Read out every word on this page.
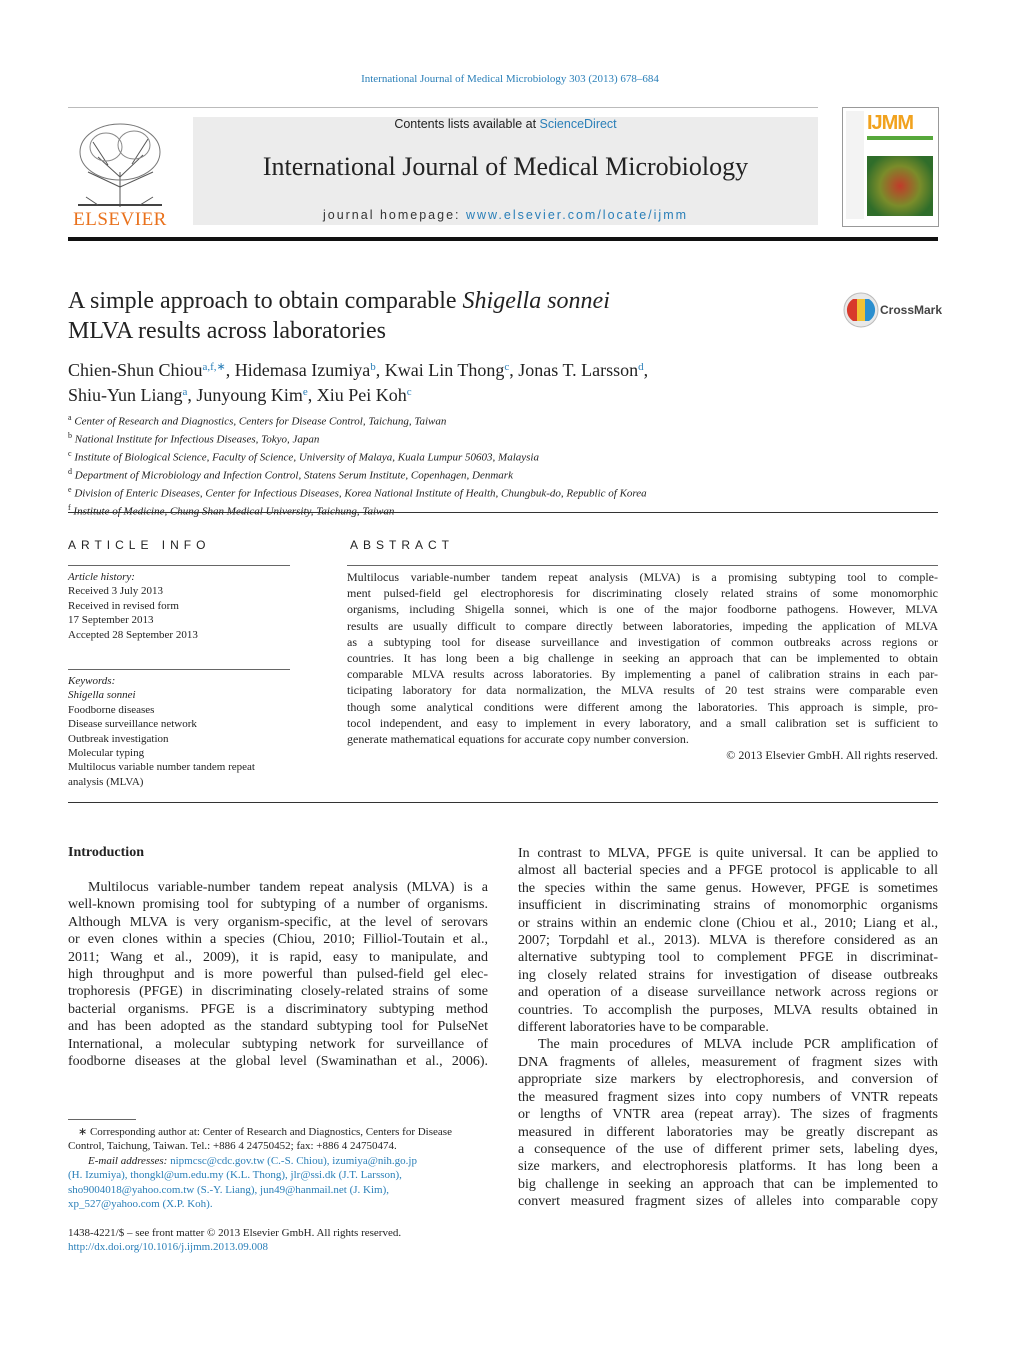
International Journal of Medical Microbiology 303 (2013) 678–684
ELSEVIER
Contents lists available at ScienceDirect
International Journal of Medical Microbiology
journal homepage: www.elsevier.com/locate/ijmm
IJMM
A simple approach to obtain comparable Shigella sonnei
MLVA results across laboratories
CrossMark
Chien-Shun Chiou$^{a,f,∗}$, Hidemasa Izumiya$^b$, Kwai Lin Thong$^c$, Jonas T. Larsson$^d$,
Shiu-Yun Liang$^a$, Junyoung Kim$^e$, Xiu Pei Koh$^c$
$^a$ Center of Research and Diagnostics, Centers for Disease Control, Taichung, Taiwan
$^b$ National Institute for Infectious Diseases, Tokyo, Japan
$^c$ Institute of Biological Science, Faculty of Science, University of Malaya, Kuala Lumpur 50603, Malaysia
$^d$ Department of Microbiology and Infection Control, Statens Serum Institute, Copenhagen, Denmark
$^e$ Division of Enteric Diseases, Center for Infectious Diseases, Korea National Institute of Health, Chungbuk-do, Republic of Korea
$^f$ Institute of Medicine, Chung Shan Medical University, Taichung, Taiwan
ARTICLE INFO
Article history:
Received 3 July 2013
Received in revised form
17 September 2013
Accepted 28 September 2013
Keywords:
Shigella sonnei
Foodborne diseases
Disease surveillance network
Outbreak investigation
Molecular typing
Multilocus variable number tandem repeat
analysis (MLVA)
ABSTRACT
Multilocus variable-number tandem repeat analysis (MLVA) is a promising subtyping tool to comple-
ment pulsed-field gel electrophoresis for discriminating closely related strains of some monomorphic
organisms, including Shigella sonnei, which is one of the major foodborne pathogens. However, MLVA
results are usually difficult to compare directly between laboratories, impeding the application of MLVA
as a subtyping tool for disease surveillance and investigation of common outbreaks across regions or
countries. It has long been a big challenge in seeking an approach that can be implemented to obtain
comparable MLVA results across laboratories. By implementing a panel of calibration strains in each par-
ticipating laboratory for data normalization, the MLVA results of 20 test strains were comparable even
though some analytical conditions were different among the laboratories. This approach is simple, pro-
tocol independent, and easy to implement in every laboratory, and a small calibration set is sufficient to
generate mathematical equations for accurate copy number conversion.
© 2013 Elsevier GmbH. All rights reserved.
Introduction
Multilocus variable-number tandem repeat analysis (MLVA) is a
well-known promising tool for subtyping of a number of organisms.
Although MLVA is very organism-specific, at the level of serovars
or even clones within a species (Chiou, 2010; Filliol-Toutain et al.,
2011; Wang et al., 2009), it is rapid, easy to manipulate, and
high throughput and is more powerful than pulsed-field gel elec-
trophoresis (PFGE) in discriminating closely-related strains of some
bacterial organisms. PFGE is a discriminatory subtyping method
and has been adopted as the standard subtyping tool for PulseNet
International, a molecular subtyping network for surveillance of
foodborne diseases at the global level (Swaminathan et al., 2006).
In contrast to MLVA, PFGE is quite universal. It can be applied to
almost all bacterial species and a PFGE protocol is applicable to all
the species within the same genus. However, PFGE is sometimes
insufficient in discriminating strains of monomorphic organisms
or strains within an endemic clone (Chiou et al., 2010; Liang et al.,
2007; Torpdahl et al., 2013). MLVA is therefore considered as an
alternative subtyping tool to complement PFGE in discriminat-
ing closely related strains for investigation of disease outbreaks
and operation of a disease surveillance network across regions or
countries. To accomplish the purposes, MLVA results obtained in
different laboratories have to be comparable.
The main procedures of MLVA include PCR amplification of
DNA fragments of alleles, measurement of fragment sizes with
appropriate size markers by electrophoresis, and conversion of
the measured fragment sizes into copy numbers of VNTR repeats
or lengths of VNTR area (repeat array). The sizes of fragments
measured in different laboratories may be greatly discrepant as
a consequence of the use of different primer sets, labeling dyes,
size markers, and electrophoresis platforms. It has long been a
big challenge in seeking an approach that can be implemented to
convert measured fragment sizes of alleles into comparable copy
∗ Corresponding author at: Center of Research and Diagnostics, Centers for Disease
Control, Taichung, Taiwan. Tel.: +886 4 24750452; fax: +886 4 24750474.
E-mail addresses: nipmcsc@cdc.gov.tw (C.-S. Chiou), izumiya@nih.go.jp
(H. Izumiya), thongkl@um.edu.my (K.L. Thong), jlr@ssi.dk (J.T. Larsson),
sho9004018@yahoo.com.tw (S.-Y. Liang), jun49@hanmail.net (J. Kim),
xp_527@yahoo.com (X.P. Koh).
1438-4221/$ – see front matter © 2013 Elsevier GmbH. All rights reserved.
http://dx.doi.org/10.1016/j.ijmm.2013.09.008
